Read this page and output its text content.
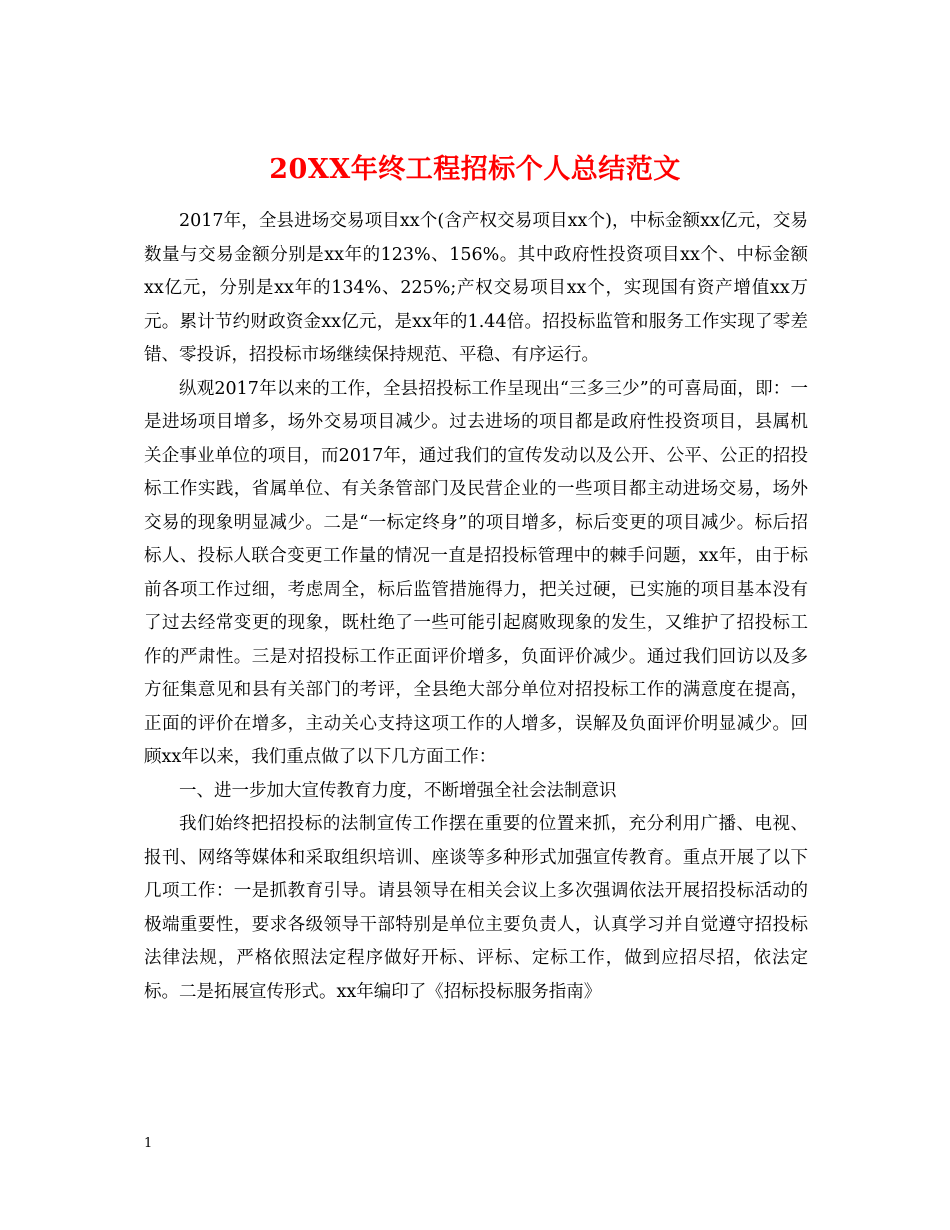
20XX年终工程招标个人总结范文

2017年，全县进场交易项目xx个(含产权交易项目xx个)，中标金额xx亿元，交易数量与交易金额分别是xx年的123%、156%。其中政府性投资项目xx个、中标金额xx亿元，分别是xx年的134%、225%;产权交易项目xx个，实现国有资产增值xx万元。累计节约财政资金xx亿元，是xx年的1.44倍。招投标监管和服务工作实现了零差错、零投诉，招投标市场继续保持规范、平稳、有序运行。

纵观2017年以来的工作，全县招投标工作呈现出“三多三少”的可喜局面，即：一是进场项目增多，场外交易项目减少。过去进场的项目都是政府性投资项目，县属机关企事业单位的项目，而2017年，通过我们的宣传发动以及公开、公平、公正的招投标工作实践，省属单位、有关条管部门及民营企业的一些项目都主动进场交易，场外交易的现象明显减少。二是“一标定终身”的项目增多，标后变更的项目减少。标后招标人、投标人联合变更工作量的情况一直是招投标管理中的棘手问题，xx年，由于标前各项工作过细，考虑周全，标后监管措施得力，把关过硬，已实施的项目基本没有了过去经常变更的现象，既杜绝了一些可能引起腐败现象的发生，又维护了招投标工作的严肃性。三是对招投标工作正面评价增多，负面评价减少。通过我们回访以及多方征集意见和县有关部门的考评，全县绝大部分单位对招投标工作的满意度在提高，正面的评价在增多，主动关心支持这项工作的人增多，误解及负面评价明显减少。回顾xx年以来，我们重点做了以下几方面工作：

一、进一步加大宣传教育力度，不断增强全社会法制意识

我们始终把招投标的法制宣传工作摆在重要的位置来抓，充分利用广播、电视、报刊、网络等媒体和采取组织培训、座谈等多种形式加强宣传教育。重点开展了以下几项工作：一是抓教育引导。请县领导在相关会议上多次强调依法开展招投标活动的极端重要性，要求各级领导干部特别是单位主要负责人，认真学习并自觉遵守招投标法律法规，严格依照法定程序做好开标、评标、定标工作，做到应招尽招，依法定标。二是拓展宣传形式。xx年编印了《招标投标服务指南》

1
